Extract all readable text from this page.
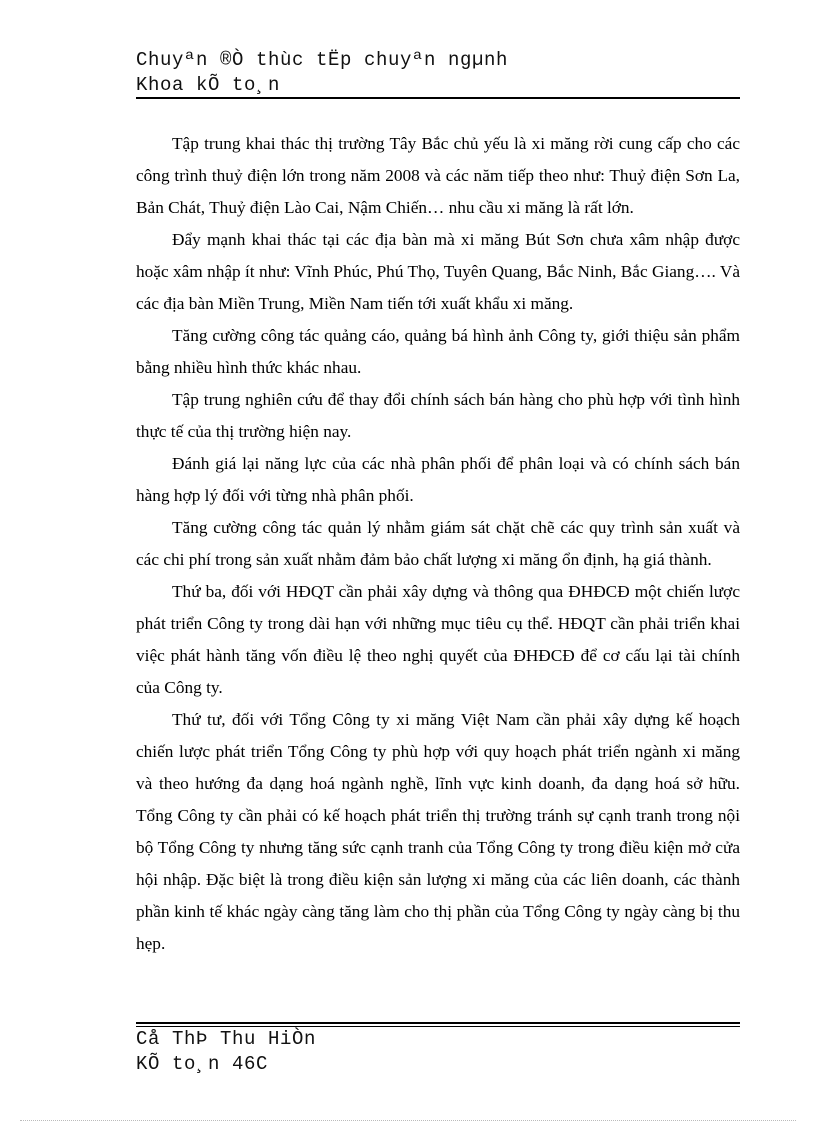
Chuyªn ®Ò thùc tËp chuyªn ngµnh
Khoa kÕ to¸n

Tập trung khai thác thị trường Tây Bắc chủ yếu là xi măng rời cung cấp cho các công trình thuỷ điện lớn trong năm 2008 và các năm tiếp theo như: Thuỷ điện Sơn La, Bản Chát, Thuỷ điện Lào Cai, Nậm Chiến… nhu cầu xi măng là rất lớn.

Đẩy mạnh khai thác tại các địa bàn mà xi măng Bút Sơn chưa xâm nhập được hoặc xâm nhập ít như: Vĩnh Phúc, Phú Thọ, Tuyên Quang, Bắc Ninh, Bắc Giang…. Và các địa bàn Miền Trung, Miền Nam tiến tới xuất khẩu xi măng.

Tăng cường công tác quảng cáo, quảng bá hình ảnh Công ty, giới thiệu sản phẩm bằng nhiều hình thức khác nhau.

Tập trung nghiên cứu để thay đổi chính sách bán hàng cho phù hợp với tình hình thực tế của thị trường hiện nay.

Đánh giá lại năng lực của các nhà phân phối để phân loại và có chính sách bán hàng hợp lý đối với từng nhà phân phối.

Tăng cường công tác quản lý nhằm giám sát chặt chẽ các quy trình sản xuất và các chi phí trong sản xuất nhằm đảm bảo chất lượng xi măng ổn định, hạ giá thành.

Thứ ba, đối với HĐQT cần phải xây dựng và thông qua ĐHĐCĐ một chiến lược phát triển Công ty trong dài hạn với những mục tiêu cụ thể. HĐQT cần phải triển khai việc phát hành tăng vốn điều lệ theo nghị quyết của ĐHĐCĐ để cơ cấu lại tài chính của Công ty.

Thứ tư, đối với Tổng Công ty xi măng Việt Nam cần phải xây dựng kế hoạch chiến lược phát triển Tổng Công ty phù hợp với quy hoạch phát triển ngành xi măng và theo hướng đa dạng hoá ngành nghề, lĩnh vực kinh doanh, đa dạng hoá sở hữu. Tổng Công ty cần phải có kế hoạch phát triển thị trường tránh sự cạnh tranh trong nội bộ Tổng Công ty nhưng tăng sức cạnh tranh của Tổng Công ty trong điều kiện mở cửa hội nhập. Đặc biệt là trong điều kiện sản lượng xi măng của các liên doanh, các thành phần kinh tế khác ngày càng tăng làm cho thị phần của Tổng Công ty ngày càng bị thu hẹp.

Cå ThÞ Thu HiÒn
KÕ to¸n 46C
